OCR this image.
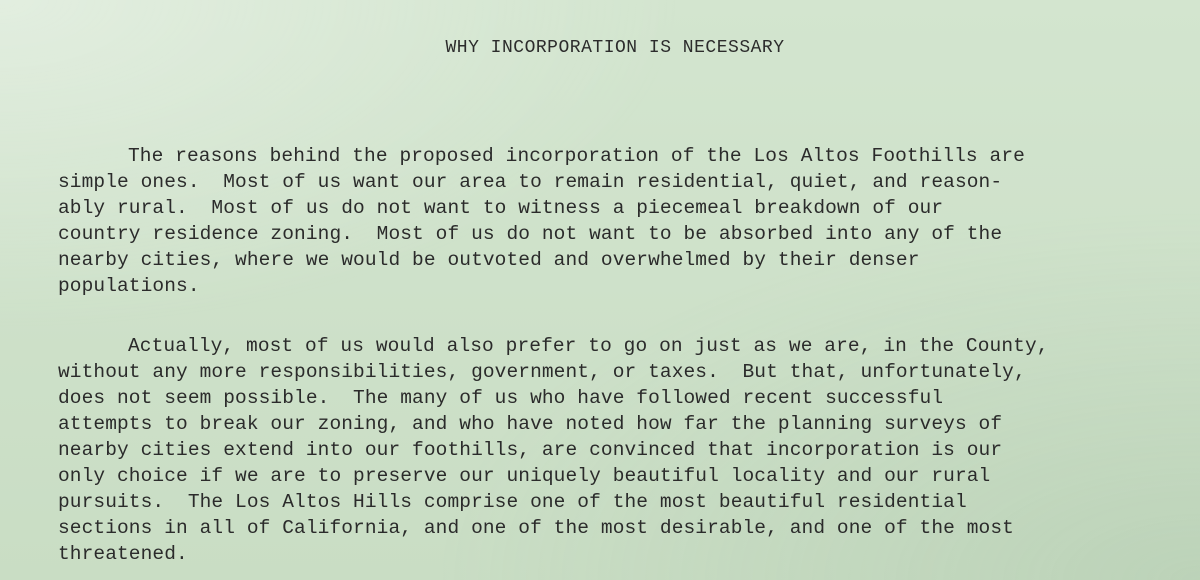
WHY INCORPORATION IS NECESSARY
The reasons behind the proposed incorporation of the Los Altos Foothills are
simple ones.  Most of us want our area to remain residential, quiet, and reason-
ably rural.  Most of us do not want to witness a piecemeal breakdown of our
country residence zoning.  Most of us do not want to be absorbed into any of the
nearby cities, where we would be outvoted and overwhelmed by their denser
populations.
Actually, most of us would also prefer to go on just as we are, in the County,
without any more responsibilities, government, or taxes.  But that, unfortunately,
does not seem possible.  The many of us who have followed recent successful
attempts to break our zoning, and who have noted how far the planning surveys of
nearby cities extend into our foothills, are convinced that incorporation is our
only choice if we are to preserve our uniquely beautiful locality and our rural
pursuits.  The Los Altos Hills comprise one of the most beautiful residential
sections in all of California, and one of the most desirable, and one of the most
threatened.
